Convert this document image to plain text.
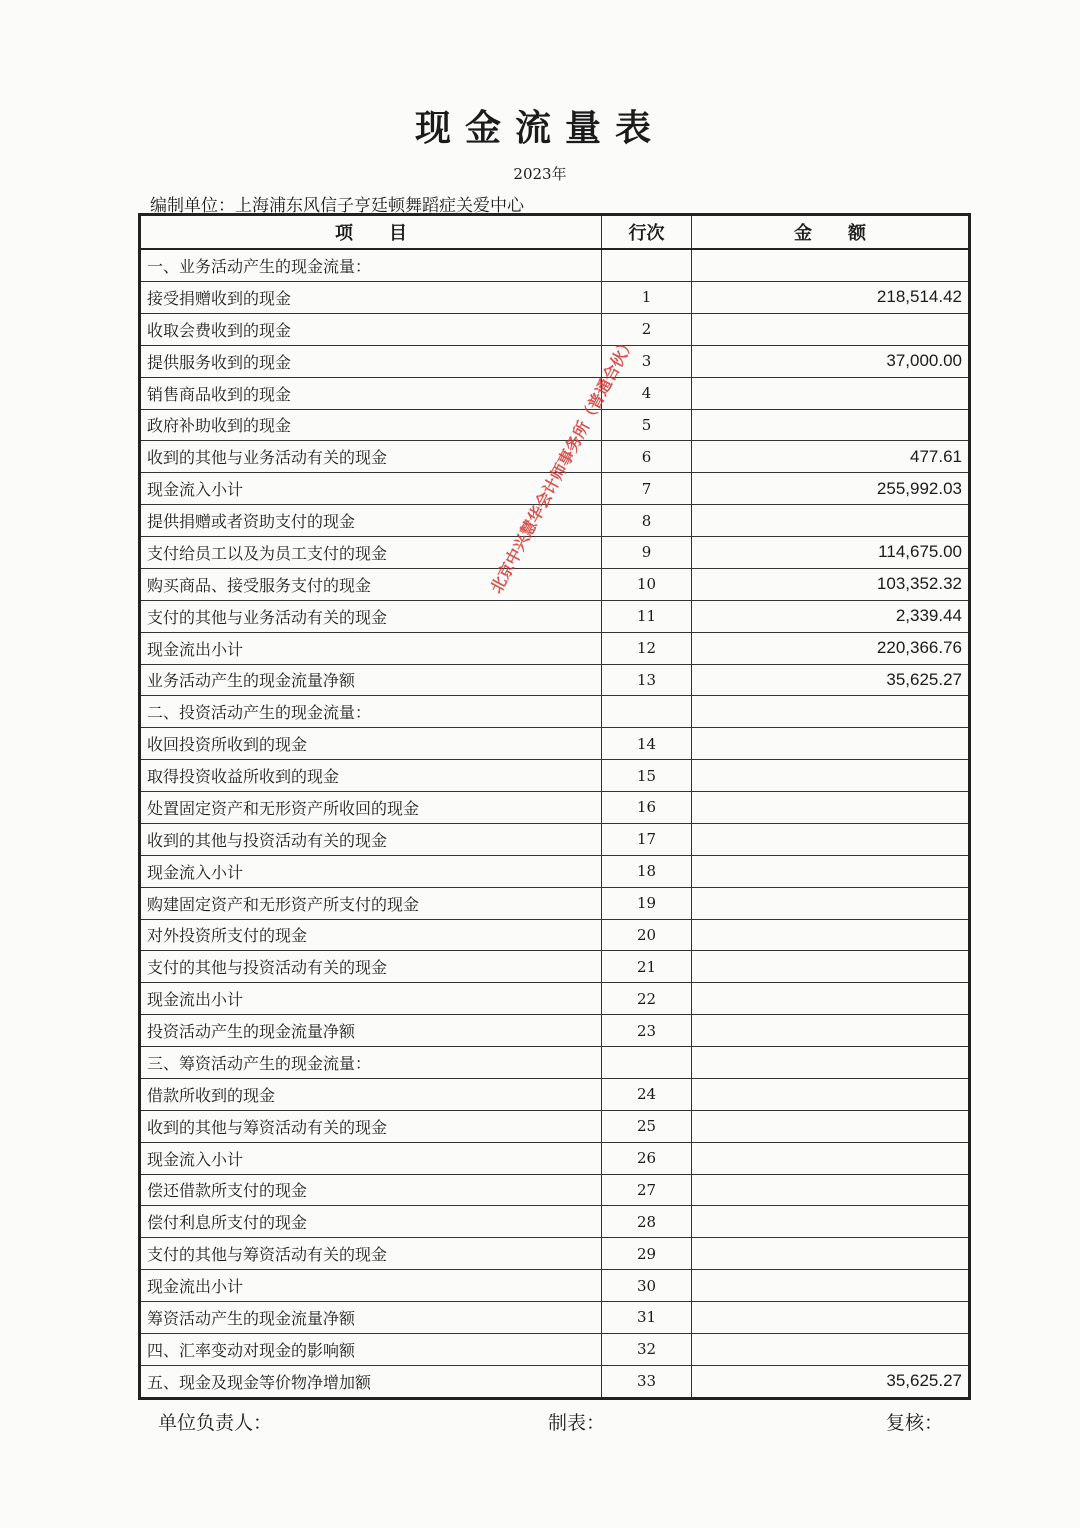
现金流量表
2023年
编制单位：上海浦东风信子亨廷顿舞蹈症关爱中心
项　　目	行次	金　　额
一、业务活动产生的现金流量：		
接受捐赠收到的现金	1	218,514.42
收取会费收到的现金	2	
提供服务收到的现金	3	37,000.00
销售商品收到的现金	4	
政府补助收到的现金	5	
收到的其他与业务活动有关的现金	6	477.61
现金流入小计	7	255,992.03
提供捐赠或者资助支付的现金	8	
支付给员工以及为员工支付的现金	9	114,675.00
购买商品、接受服务支付的现金	10	103,352.32
支付的其他与业务活动有关的现金	11	2,339.44
现金流出小计	12	220,366.76
业务活动产生的现金流量净额	13	35,625.27
二、投资活动产生的现金流量：		
收回投资所收到的现金	14	
取得投资收益所收到的现金	15	
处置固定资产和无形资产所收回的现金	16	
收到的其他与投资活动有关的现金	17	
现金流入小计	18	
购建固定资产和无形资产所支付的现金	19	
对外投资所支付的现金	20	
支付的其他与投资活动有关的现金	21	
现金流出小计	22	
投资活动产生的现金流量净额	23	
三、筹资活动产生的现金流量：		
借款所收到的现金	24	
收到的其他与筹资活动有关的现金	25	
现金流入小计	26	
偿还借款所支付的现金	27	
偿付利息所支付的现金	28	
支付的其他与筹资活动有关的现金	29	
现金流出小计	30	
筹资活动产生的现金流量净额	31	
四、汇率变动对现金的影响额	32	
五、现金及现金等价物净增加额	33	35,625.27
北京中兴慧华会计师事务所（普通合伙）
单位负责人：	制表：	复核：
